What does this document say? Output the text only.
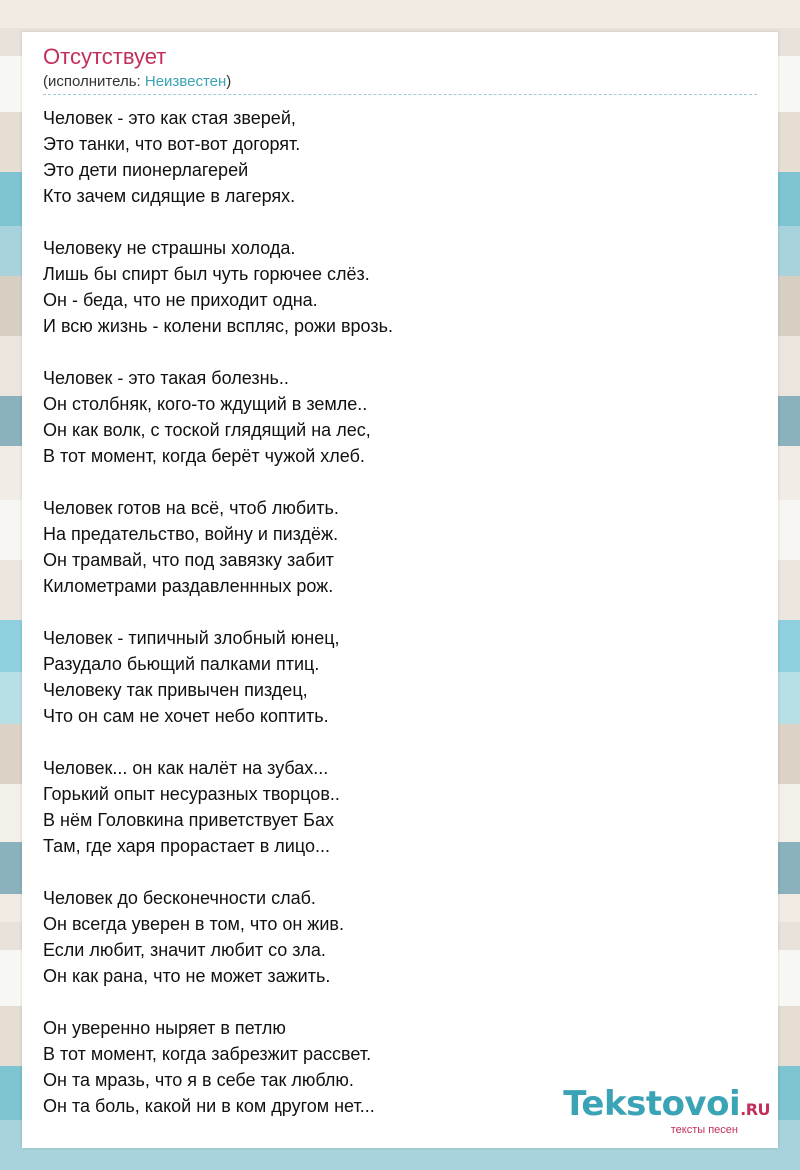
Отсутствует
(исполнитель: Неизвестен)
Человек - это как стая зверей,
Это танки, что вот-вот догорят.
Это дети пионерлагерей
Кто зачем сидящие в лагерях.
Человеку не страшны холода.
Лишь бы спирт был чуть горючее слёз.
Он - беда, что не приходит одна.
И всю жизнь - колени вспляс, рожи врозь.
Человек - это такая болезнь..
Он столбняк, кого-то ждущий в земле..
Он как волк, с тоской глядящий на лес,
В тот момент, когда берёт чужой хлеб.
Человек готов на всё, чтоб любить.
На предательство, войну и пиздёж.
Он трамвай, что под завязку забит
Километрами раздавленнных рож.
Человек - типичный злобный юнец,
Разудало бьющий палками птиц.
Человеку так привычен пиздец,
Что он сам не хочет небо коптить.
Человек... он как налёт на зубах...
Горький опыт несуразных творцов..
В нём Головкина приветствует Бах
Там, где харя прорастает в лицо...
Человек до бесконечности слаб.
Он всегда уверен в том, что он жив.
Если любит, значит любит со зла.
Он как рана, что не может зажить.
Он уверенно ныряет в петлю
В тот момент, когда забрезжит рассвет.
Он та мразь, что я в себе так люблю.
Он та боль, какой ни в ком другом нет...	Tekstovoi.RU
тексты песен
